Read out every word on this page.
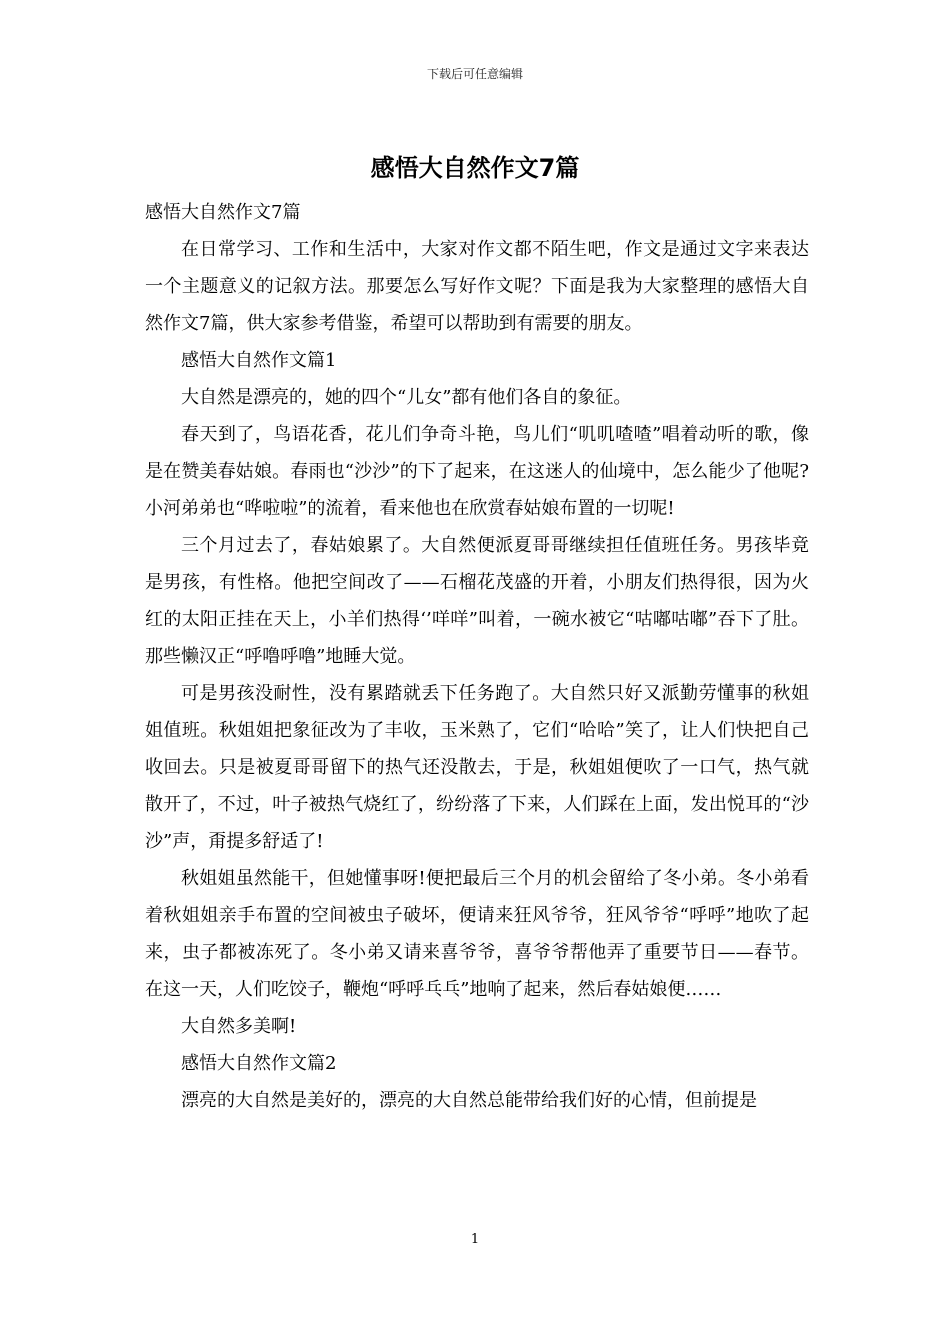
下载后可任意编辑
感悟大自然作文7篇

感悟大自然作文7篇

在日常学习、工作和生活中，大家对作文都不陌生吧，作文是通过文字来表达一个主题意义的记叙方法。那要怎么写好作文呢？下面是我为大家整理的感悟大自然作文7篇，供大家参考借鉴，希望可以帮助到有需要的朋友。

感悟大自然作文篇1

大自然是漂亮的，她的四个“儿女”都有他们各自的象征。

春天到了，鸟语花香，花儿们争奇斗艳，鸟儿们“叽叽喳喳”唱着动听的歌，像是在赞美春姑娘。春雨也“沙沙”的下了起来，在这迷人的仙境中，怎么能少了他呢?小河弟弟也“哗啦啦”的流着，看来他也在欣赏春姑娘布置的一切呢!

三个月过去了，春姑娘累了。大自然便派夏哥哥继续担任值班任务。男孩毕竟是男孩，有性格。他把空间改了——石榴花茂盛的开着，小朋友们热得很，因为火红的太阳正挂在天上，小羊们热得‘’咩咩”叫着，一碗水被它“咕嘟咕嘟”吞下了肚。那些懒汉正“呼噜呼噜”地睡大觉。

可是男孩没耐性，没有累踏就丢下任务跑了。大自然只好又派勤劳懂事的秋姐姐值班。秋姐姐把象征改为了丰收，玉米熟了，它们“哈哈”笑了，让人们快把自己收回去。只是被夏哥哥留下的热气还没散去，于是，秋姐姐便吹了一口气，热气就散开了，不过，叶子被热气烧红了，纷纷落了下来，人们踩在上面，发出悦耳的“沙沙”声，甭提多舒适了!

秋姐姐虽然能干，但她懂事呀!便把最后三个月的机会留给了冬小弟。冬小弟看着秋姐姐亲手布置的空间被虫子破坏，便请来狂风爷爷，狂风爷爷“呼呼”地吹了起来，虫子都被冻死了。冬小弟又请来喜爷爷，喜爷爷帮他弄了重要节日——春节。在这一天，人们吃饺子，鞭炮“呼呼乓乓”地响了起来，然后春姑娘便……

大自然多美啊!

感悟大自然作文篇2

漂亮的大自然是美好的，漂亮的大自然总能带给我们好的心情，但前提是

1
